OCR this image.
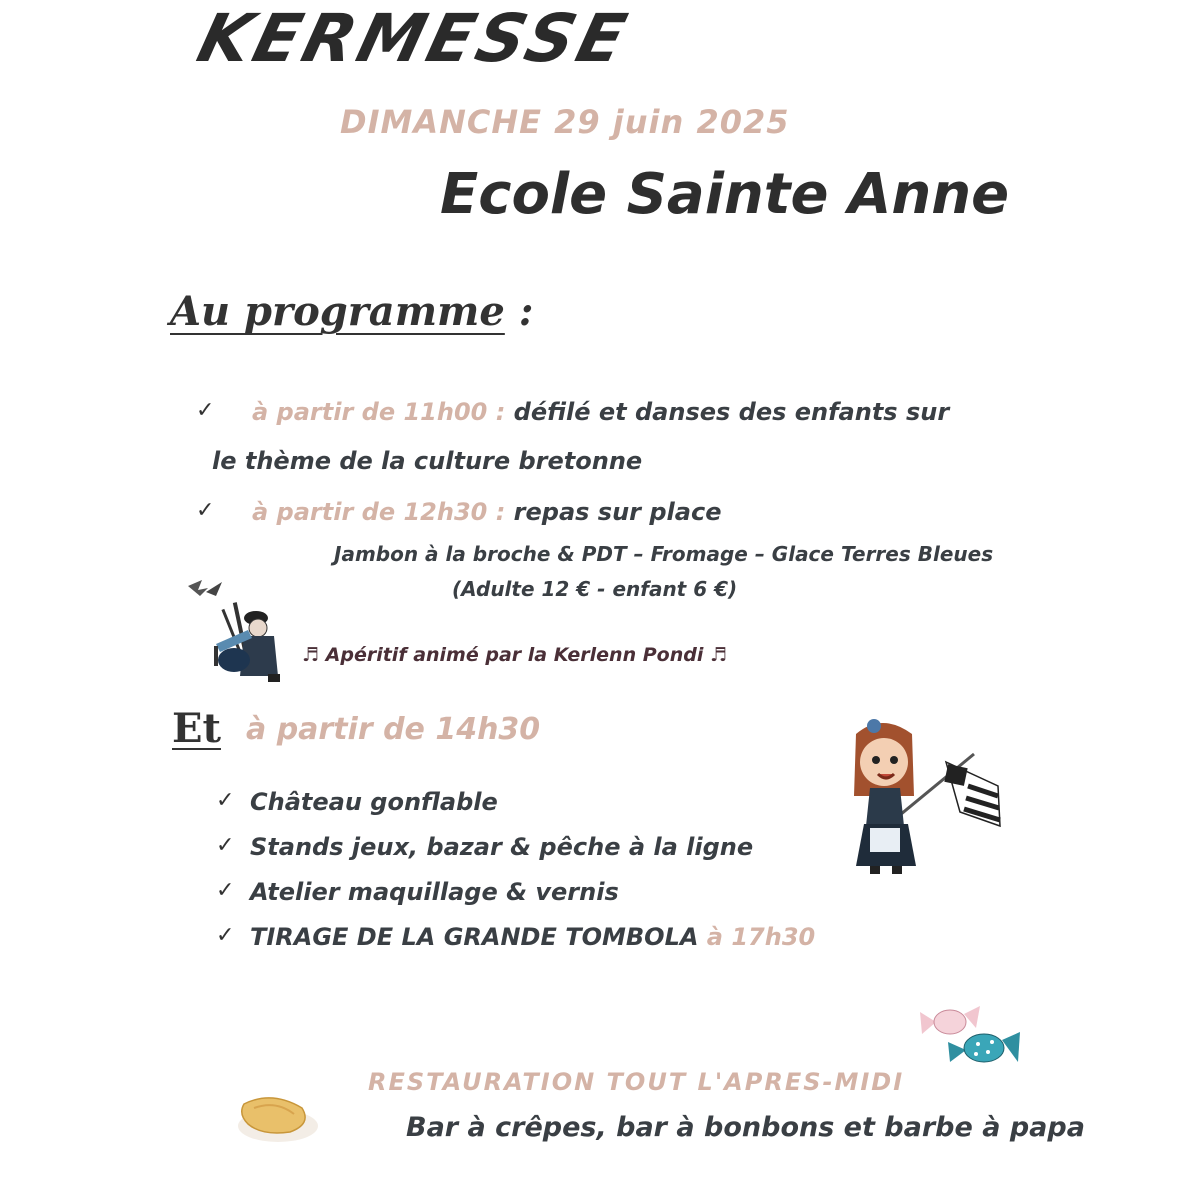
KERMESSE
DIMANCHE 29 juin 2025
Ecole Sainte Anne
Au programme :
✓ à partir de 11h00 : défilé et danses des enfants sur
le thème de la culture bretonne
✓ à partir de 12h30 : repas sur place
Jambon à la broche & PDT – Fromage – Glace Terres Bleues
(Adulte 12 € - enfant 6 €)
♬ Apéritif animé par la Kerlenn Pondi ♬
Et à partir de 14h30
✓ Château gonflable
✓ Stands jeux, bazar & pêche à la ligne
✓ Atelier maquillage & vernis
✓ TIRAGE DE LA GRANDE TOMBOLA à 17h30
RESTAURATION TOUT L'APRES-MIDI
Bar à crêpes, bar à bonbons et barbe à papa
